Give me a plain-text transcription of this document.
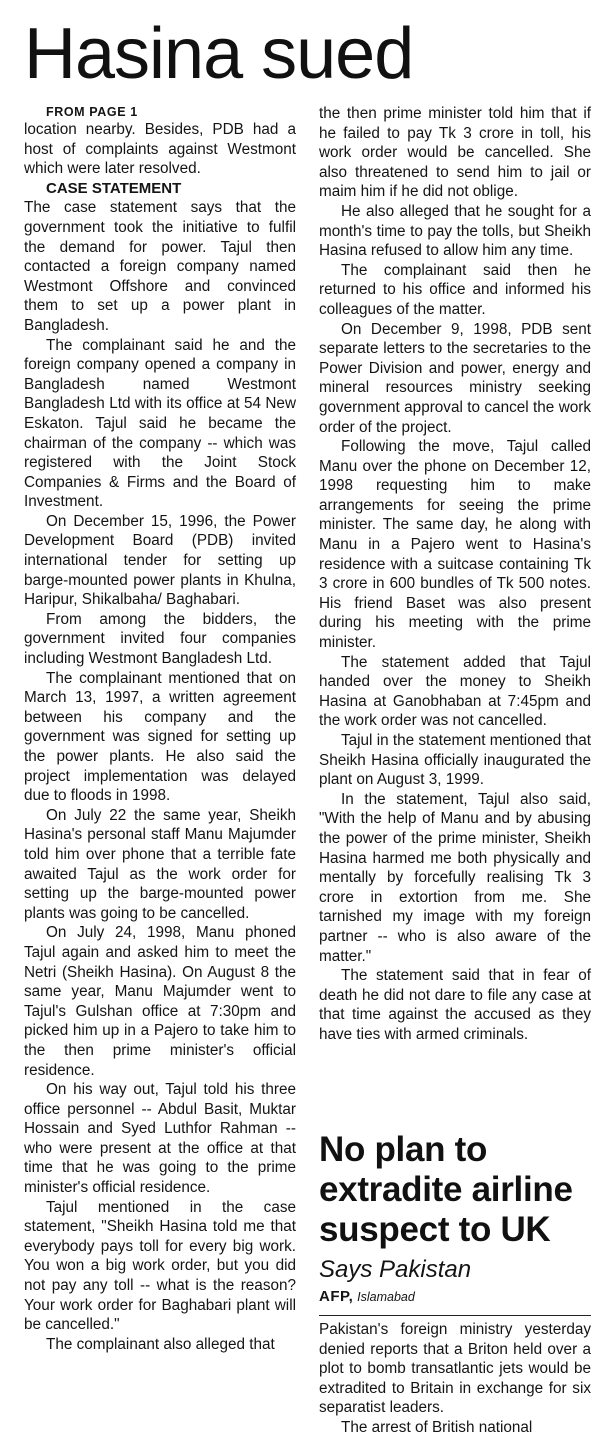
Hasina sued

FROM PAGE 1

location nearby. Besides, PDB had a host of complaints against Westmont which were later resolved.

CASE STATEMENT

The case statement says that the government took the initiative to fulfil the demand for power. Tajul then contacted a foreign company named Westmont Offshore and convinced them to set up a power plant in Bangladesh.

The complainant said he and the foreign company opened a company in Bangladesh named Westmont Bangladesh Ltd with its office at 54 New Eskaton. Tajul said he became the chairman of the company -- which was registered with the Joint Stock Companies & Firms and the Board of Investment.

On December 15, 1996, the Power Development Board (PDB) invited international tender for setting up barge-mounted power plants in Khulna, Haripur, Shikalbaha/ Baghabari.

From among the bidders, the government invited four companies including Westmont Bangladesh Ltd.

The complainant mentioned that on March 13, 1997, a written agreement between his company and the government was signed for setting up the power plants. He also said the project implementation was delayed due to floods in 1998.

On July 22 the same year, Sheikh Hasina's personal staff Manu Majumder told him over phone that a terrible fate awaited Tajul as the work order for setting up the barge-mounted power plants was going to be cancelled.

On July 24, 1998, Manu phoned Tajul again and asked him to meet the Netri (Sheikh Hasina). On August 8 the same year, Manu Majumder went to Tajul's Gulshan office at 7:30pm and picked him up in a Pajero to take him to the then prime minister's official residence.

On his way out, Tajul told his three office personnel -- Abdul Basit, Muktar Hossain and Syed Luthfor Rahman -- who were present at the office at that time that he was going to the prime minister's official residence.

Tajul mentioned in the case statement, "Sheikh Hasina told me that everybody pays toll for every big work. You won a big work order, but you did not pay any toll -- what is the reason? Your work order for Baghabari plant will be cancelled."

The complainant also alleged that

the then prime minister told him that if he failed to pay Tk 3 crore in toll, his work order would be cancelled. She also threatened to send him to jail or maim him if he did not oblige.

He also alleged that he sought for a month's time to pay the tolls, but Sheikh Hasina refused to allow him any time.

The complainant said then he returned to his office and informed his colleagues of the matter.

On December 9, 1998, PDB sent separate letters to the secretaries to the Power Division and power, energy and mineral resources ministry seeking government approval to cancel the work order of the project.

Following the move, Tajul called Manu over the phone on December 12, 1998 requesting him to make arrangements for seeing the prime minister. The same day, he along with Manu in a Pajero went to Hasina's residence with a suitcase containing Tk 3 crore in 600 bundles of Tk 500 notes. His friend Baset was also present during his meeting with the prime minister.

The statement added that Tajul handed over the money to Sheikh Hasina at Ganobhaban at 7:45pm and the work order was not cancelled.

Tajul in the statement mentioned that Sheikh Hasina officially inaugurated the plant on August 3, 1999.

In the statement, Tajul also said, "With the help of Manu and by abusing the power of the prime minister, Sheikh Hasina harmed me both physically and mentally by forcefully realising Tk 3 crore in extortion from me. She tarnished my image with my foreign partner -- who is also aware of the matter."

The statement said that in fear of death he did not dare to file any case at that time against the accused as they have ties with armed criminals.

No plan to extradite airline suspect to UK

Says Pakistan

AFP, Islamabad

Pakistan's foreign ministry yesterday denied reports that a Briton held over a plot to bomb transatlantic jets would be extradited to Britain in exchange for six separatist leaders.

The arrest of British national
